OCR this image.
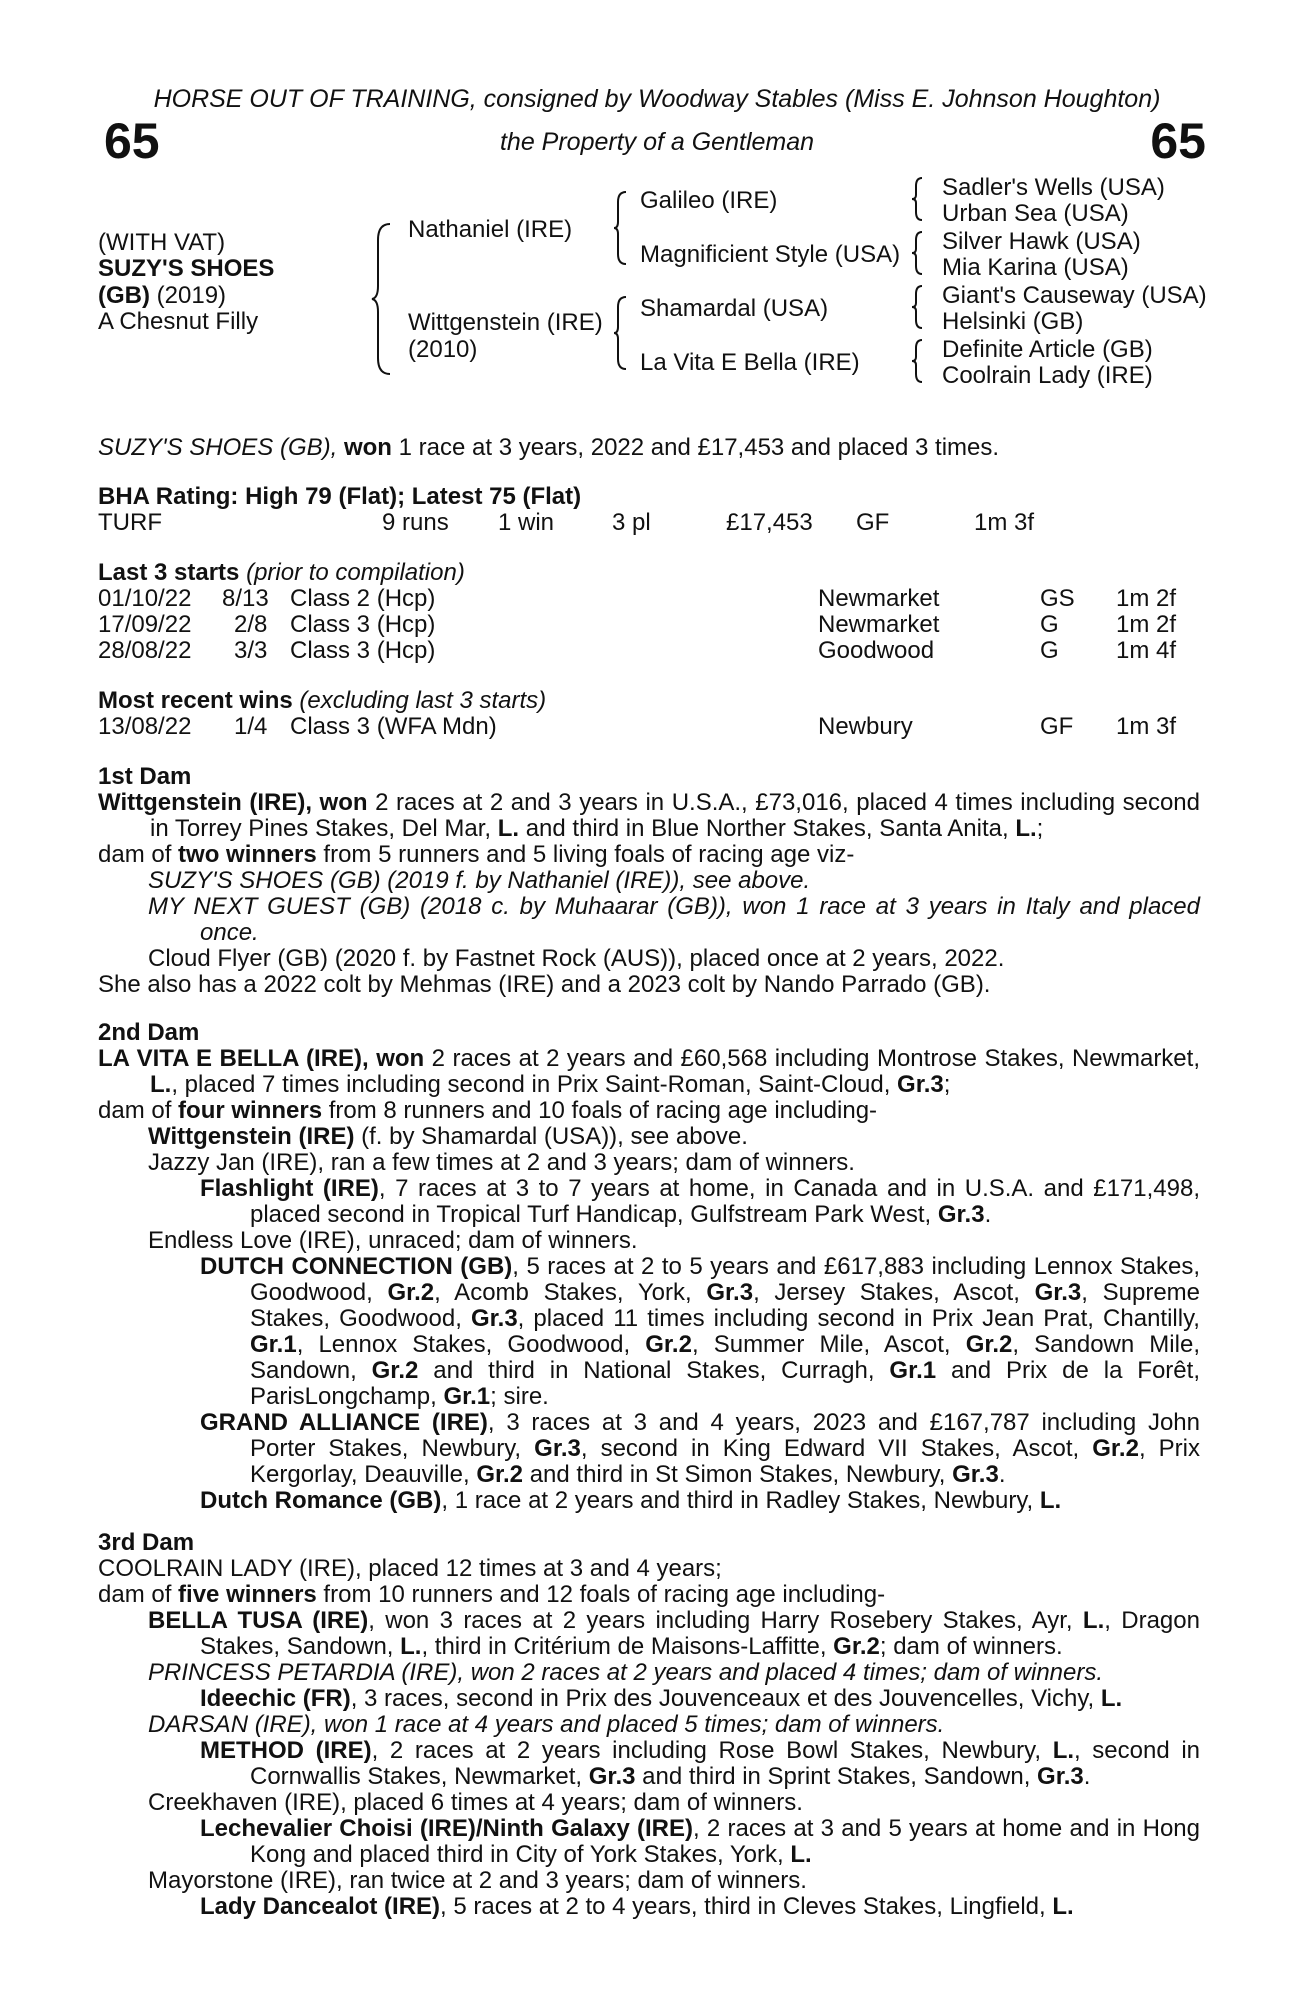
HORSE OUT OF TRAINING, consigned by Woodway Stables (Miss E. Johnson Houghton)
65	65
the Property of a Gentleman
(WITH VAT)
SUZY'S SHOES
(GB) (2019)
A Chesnut Filly
Nathaniel (IRE)
Wittgenstein (IRE)
(2010)
Galileo (IRE)
Magnificient Style (USA)
Shamardal (USA)
La Vita E Bella (IRE)
Sadler's Wells (USA)
Urban Sea (USA)
Silver Hawk (USA)
Mia Karina (USA)
Giant's Causeway (USA)
Helsinki (GB)
Definite Article (GB)
Coolrain Lady (IRE)
SUZY'S SHOES (GB), won 1 race at 3 years, 2022 and £17,453 and placed 3 times.
BHA Rating: High 79 (Flat); Latest 75 (Flat)
TURF	9 runs 1 win 3 pl	£17,453 GF	1m 3f
Last 3 starts (prior to compilation)
01/10/22 8/13 Class 2 (Hcp)	Newmarket	GS 1m 2f
17/09/22 2/8 Class 3 (Hcp)	Newmarket	G 1m 2f
28/08/22 3/3 Class 3 (Hcp)	Goodwood	G 1m 4f
Most recent wins (excluding last 3 starts)
13/08/22 1/4 Class 3 (WFA Mdn)	Newbury	GF 1m 3f

1st Dam

Wittgenstein (IRE), won 2 races at 2 and 3 years in U.S.A., £73,016, placed 4 times including second in Torrey Pines Stakes, Del Mar, L. and third in Blue Norther Stakes, Santa Anita, L.;

dam of two winners from 5 runners and 5 living foals of racing age viz-

SUZY'S SHOES (GB) (2019 f. by Nathaniel (IRE)), see above.

MY NEXT GUEST (GB) (2018 c. by Muhaarar (GB)), won 1 race at 3 years in Italy and placed once.

Cloud Flyer (GB) (2020 f. by Fastnet Rock (AUS)), placed once at 2 years, 2022.

She also has a 2022 colt by Mehmas (IRE) and a 2023 colt by Nando Parrado (GB).

2nd Dam

LA VITA E BELLA (IRE), won 2 races at 2 years and £60,568 including Montrose Stakes, Newmarket, L., placed 7 times including second in Prix Saint-Roman, Saint-Cloud, Gr.3;

dam of four winners from 8 runners and 10 foals of racing age including-

Wittgenstein (IRE) (f. by Shamardal (USA)), see above.

Jazzy Jan (IRE), ran a few times at 2 and 3 years; dam of winners.

Flashlight (IRE), 7 races at 3 to 7 years at home, in Canada and in U.S.A. and £171,498, placed second in Tropical Turf Handicap, Gulfstream Park West, Gr.3.

Endless Love (IRE), unraced; dam of winners.

DUTCH CONNECTION (GB), 5 races at 2 to 5 years and £617,883 including Lennox Stakes, Goodwood, Gr.2, Acomb Stakes, York, Gr.3, Jersey Stakes, Ascot, Gr.3, Supreme Stakes, Goodwood, Gr.3, placed 11 times including second in Prix Jean Prat, Chantilly, Gr.1, Lennox Stakes, Goodwood, Gr.2, Summer Mile, Ascot, Gr.2, Sandown Mile, Sandown, Gr.2 and third in National Stakes, Curragh, Gr.1 and Prix de la Forêt, ParisLongchamp, Gr.1; sire.

GRAND ALLIANCE (IRE), 3 races at 3 and 4 years, 2023 and £167,787 including John Porter Stakes, Newbury, Gr.3, second in King Edward VII Stakes, Ascot, Gr.2, Prix Kergorlay, Deauville, Gr.2 and third in St Simon Stakes, Newbury, Gr.3.

Dutch Romance (GB), 1 race at 2 years and third in Radley Stakes, Newbury, L.

3rd Dam

COOLRAIN LADY (IRE), placed 12 times at 3 and 4 years;

dam of five winners from 10 runners and 12 foals of racing age including-

BELLA TUSA (IRE), won 3 races at 2 years including Harry Rosebery Stakes, Ayr, L., Dragon Stakes, Sandown, L., third in Critérium de Maisons-Laffitte, Gr.2; dam of winners.

PRINCESS PETARDIA (IRE), won 2 races at 2 years and placed 4 times; dam of winners.

Ideechic (FR), 3 races, second in Prix des Jouvenceaux et des Jouvencelles, Vichy, L.

DARSAN (IRE), won 1 race at 4 years and placed 5 times; dam of winners.

METHOD (IRE), 2 races at 2 years including Rose Bowl Stakes, Newbury, L., second in Cornwallis Stakes, Newmarket, Gr.3 and third in Sprint Stakes, Sandown, Gr.3.

Creekhaven (IRE), placed 6 times at 4 years; dam of winners.

Lechevalier Choisi (IRE)/Ninth Galaxy (IRE), 2 races at 3 and 5 years at home and in Hong Kong and placed third in City of York Stakes, York, L.

Mayorstone (IRE), ran twice at 2 and 3 years; dam of winners.

Lady Dancealot (IRE), 5 races at 2 to 4 years, third in Cleves Stakes, Lingfield, L.
